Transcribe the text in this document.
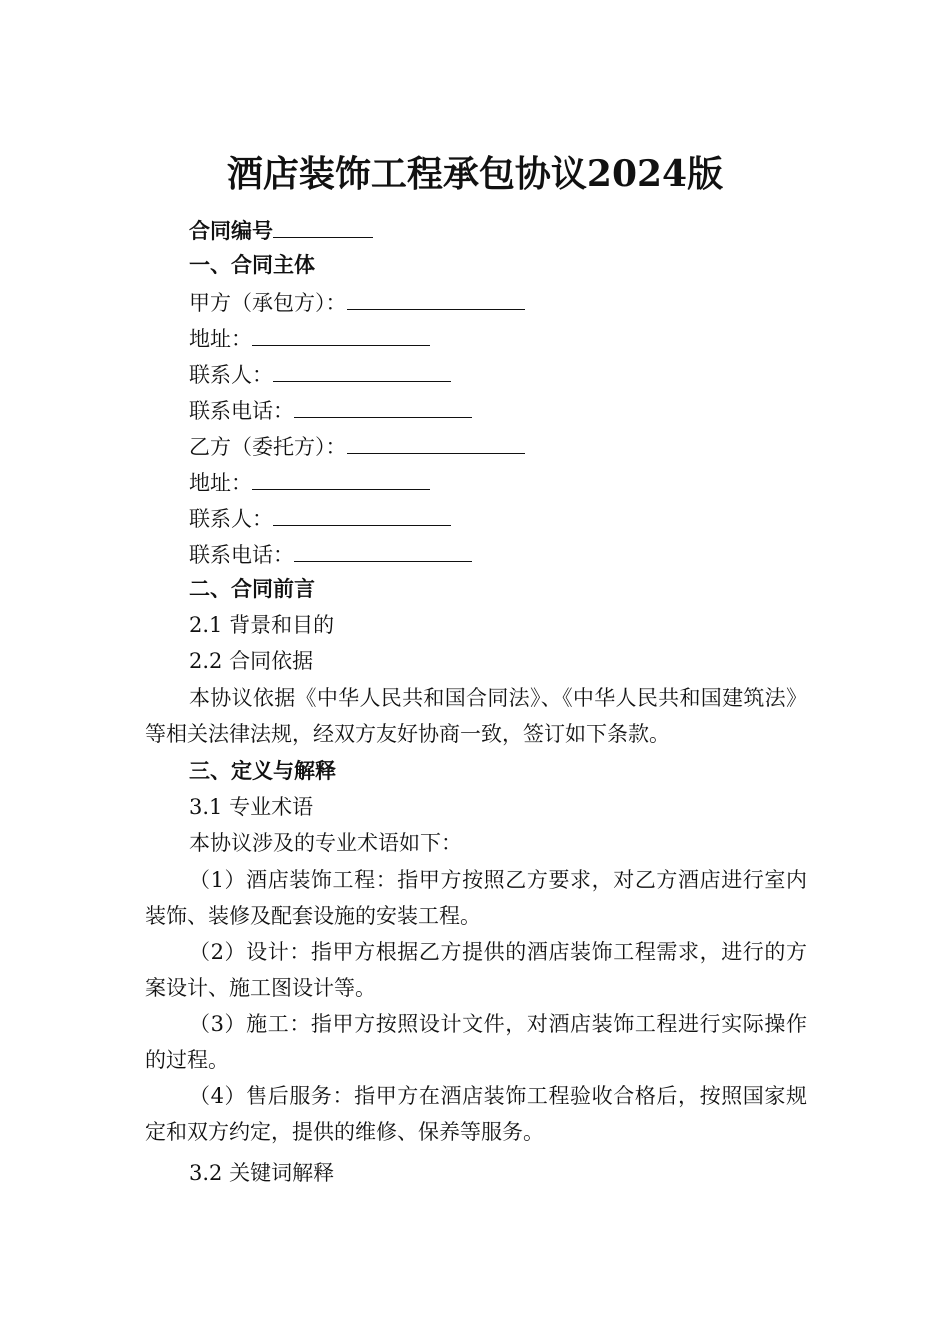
酒店装饰工程承包协议2024版
合同编号
一、合同主体
甲方（承包方）：
地址：
联系人：
联系电话：
乙方（委托方）：
地址：
联系人：
联系电话：
二、合同前言
2.1 背景和目的
2.2 合同依据
本协议依据《中华人民共和国合同法》、《中华人民共和国建筑法》等相关法律法规，经双方友好协商一致，签订如下条款。
三、定义与解释
3.1 专业术语
本协议涉及的专业术语如下：
（1）酒店装饰工程：指甲方按照乙方要求，对乙方酒店进行室内装饰、装修及配套设施的安装工程。
（2）设计：指甲方根据乙方提供的酒店装饰工程需求，进行的方案设计、施工图设计等。
（3）施工：指甲方按照设计文件，对酒店装饰工程进行实际操作的过程。
（4）售后服务：指甲方在酒店装饰工程验收合格后，按照国家规定和双方约定，提供的维修、保养等服务。
3.2 关键词解释
